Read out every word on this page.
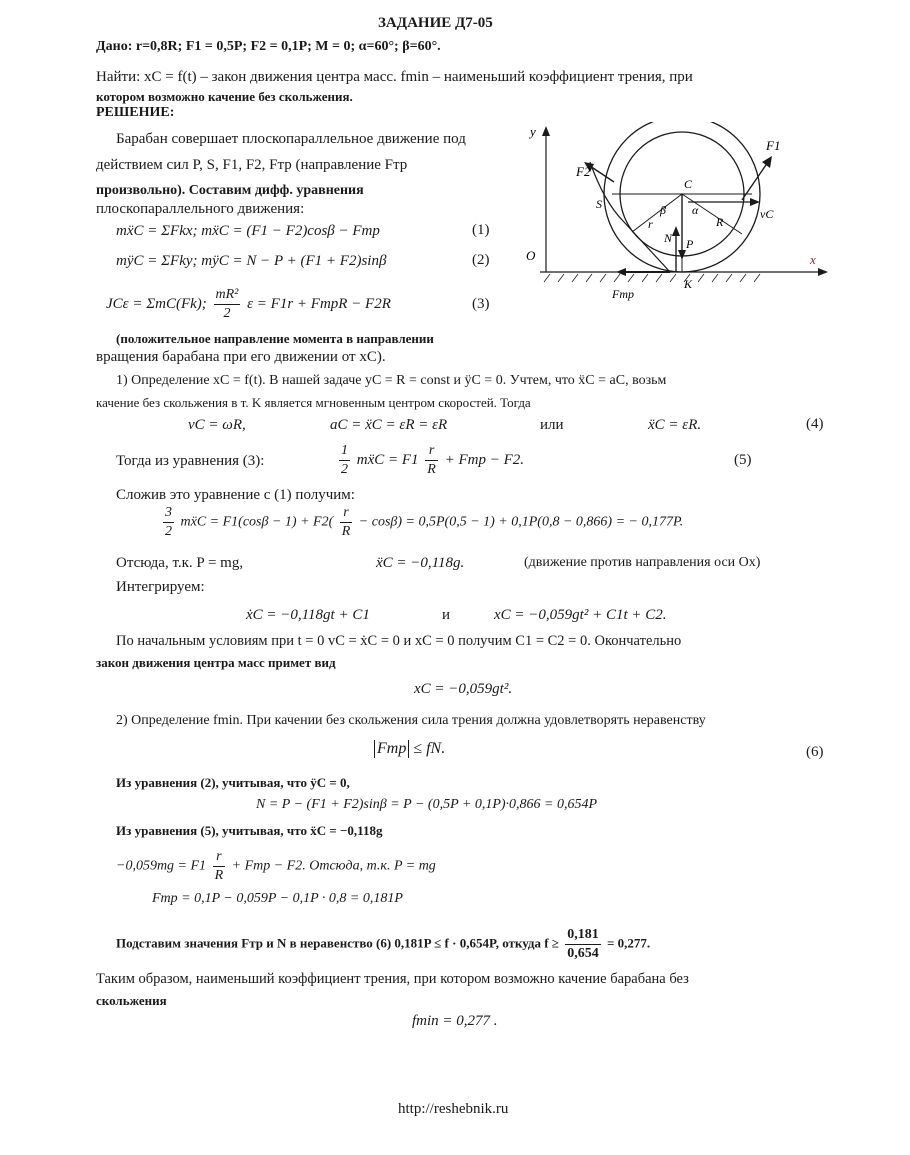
ЗАДАНИЕ Д7-05
Дано: r=0,8R; F1 = 0,5P; F2 = 0,1P; M = 0; α=60°; β=60°.
Найти: xC = f(t) – закон движения центра масс. fmin – наименьший коэффициент трения, при
котором возможно качение без скольжения.
РЕШЕНИЕ:
Барабан совершает плоскопараллельное движение под
действием сил P, S, F1, F2, Fтр (направление Fтр
произвольно). Составим дифф. уравнения
плоскопараллельного движения:
mẍC = ΣFkx; mẍC = (F1 − F2)cosβ − Fтр	(1)
mÿC = ΣFky; mÿC = N − P + (F1 + F2)sinβ	(2)
JCε = ΣmC(Fk); $\frac{\text{mR²}}{2}$ ε = F1r + FтрR − F2R	(3)
(положительное направление момента в направлении
вращения барабана при его движении от xC).
y
x
O
C
K
F1
F2
S
P
N
Fтр
vC
α
β
r	R
1) Определение xC = f(t). В нашей задаче yC = R = const и ÿC = 0. Учтем, что ẍC = aC, возьм
качение без скольжения в т. K является мгновенным центром скоростей. Тогда
vC = ωR,	aC = ẍC = ε̇R = εR	или	ẍC = εR.	(4)
Тогда из уравнения (3):	$\frac{1}{2}$ mẍC = $F1 \frac{r}{R}$ + Fтр − F2.	(5)
Сложив это уравнение с (1) получим:
$\frac{3}{2}$ mẍC = $F1(\cos\beta - 1) + F2( \frac{r}{R} - \cos\beta) = 0,5P(0,5 - 1) + 0,1P(0,8 - 0,866)$ = − 0,177P.
Отсюда, т.к. P = mg,	ẍC = −0,118g.	(движение против направления оси Ox)
Интегрируем:
ẋC = −0,118gt + C1	и	xC = −0,059gt² + C1t + C2.
По начальным условиям при t = 0 vC = ẋC = 0 и xC = 0 получим C1 = C2 = 0. Окончательно
закон движения центра масс примет вид
xC = −0,059gt².
2) Определение fmin. При качении без скольжения сила трения должна удовлетворять неравенству
Fтр ≤ fN.	(6)
Из уравнения (2), учитывая, что ÿC = 0,
N = P − (F1 + F2)sinβ = P − (0,5P + 0,1P)·0,866 = 0,654P
Из уравнения (5), учитывая, что ẍC = −0,118g
$-0,059mg = F1 \frac{r}{R}$ + Fтр − F2. Отсюда, т.к. P = mg
Fтр = 0,1P − 0,059P − 0,1P · 0,8 = 0,181P
Подставим значения Fтр и N в неравенство (6) 0,181P ≤ f · 0,654P, откуда $f \ge \frac{0,181}{0,654} = 0,277$.
Таким образом, наименьший коэффициент трения, при котором возможно качение барабана без
скольжения
fmin = 0,277 .
http://reshebnik.ru
